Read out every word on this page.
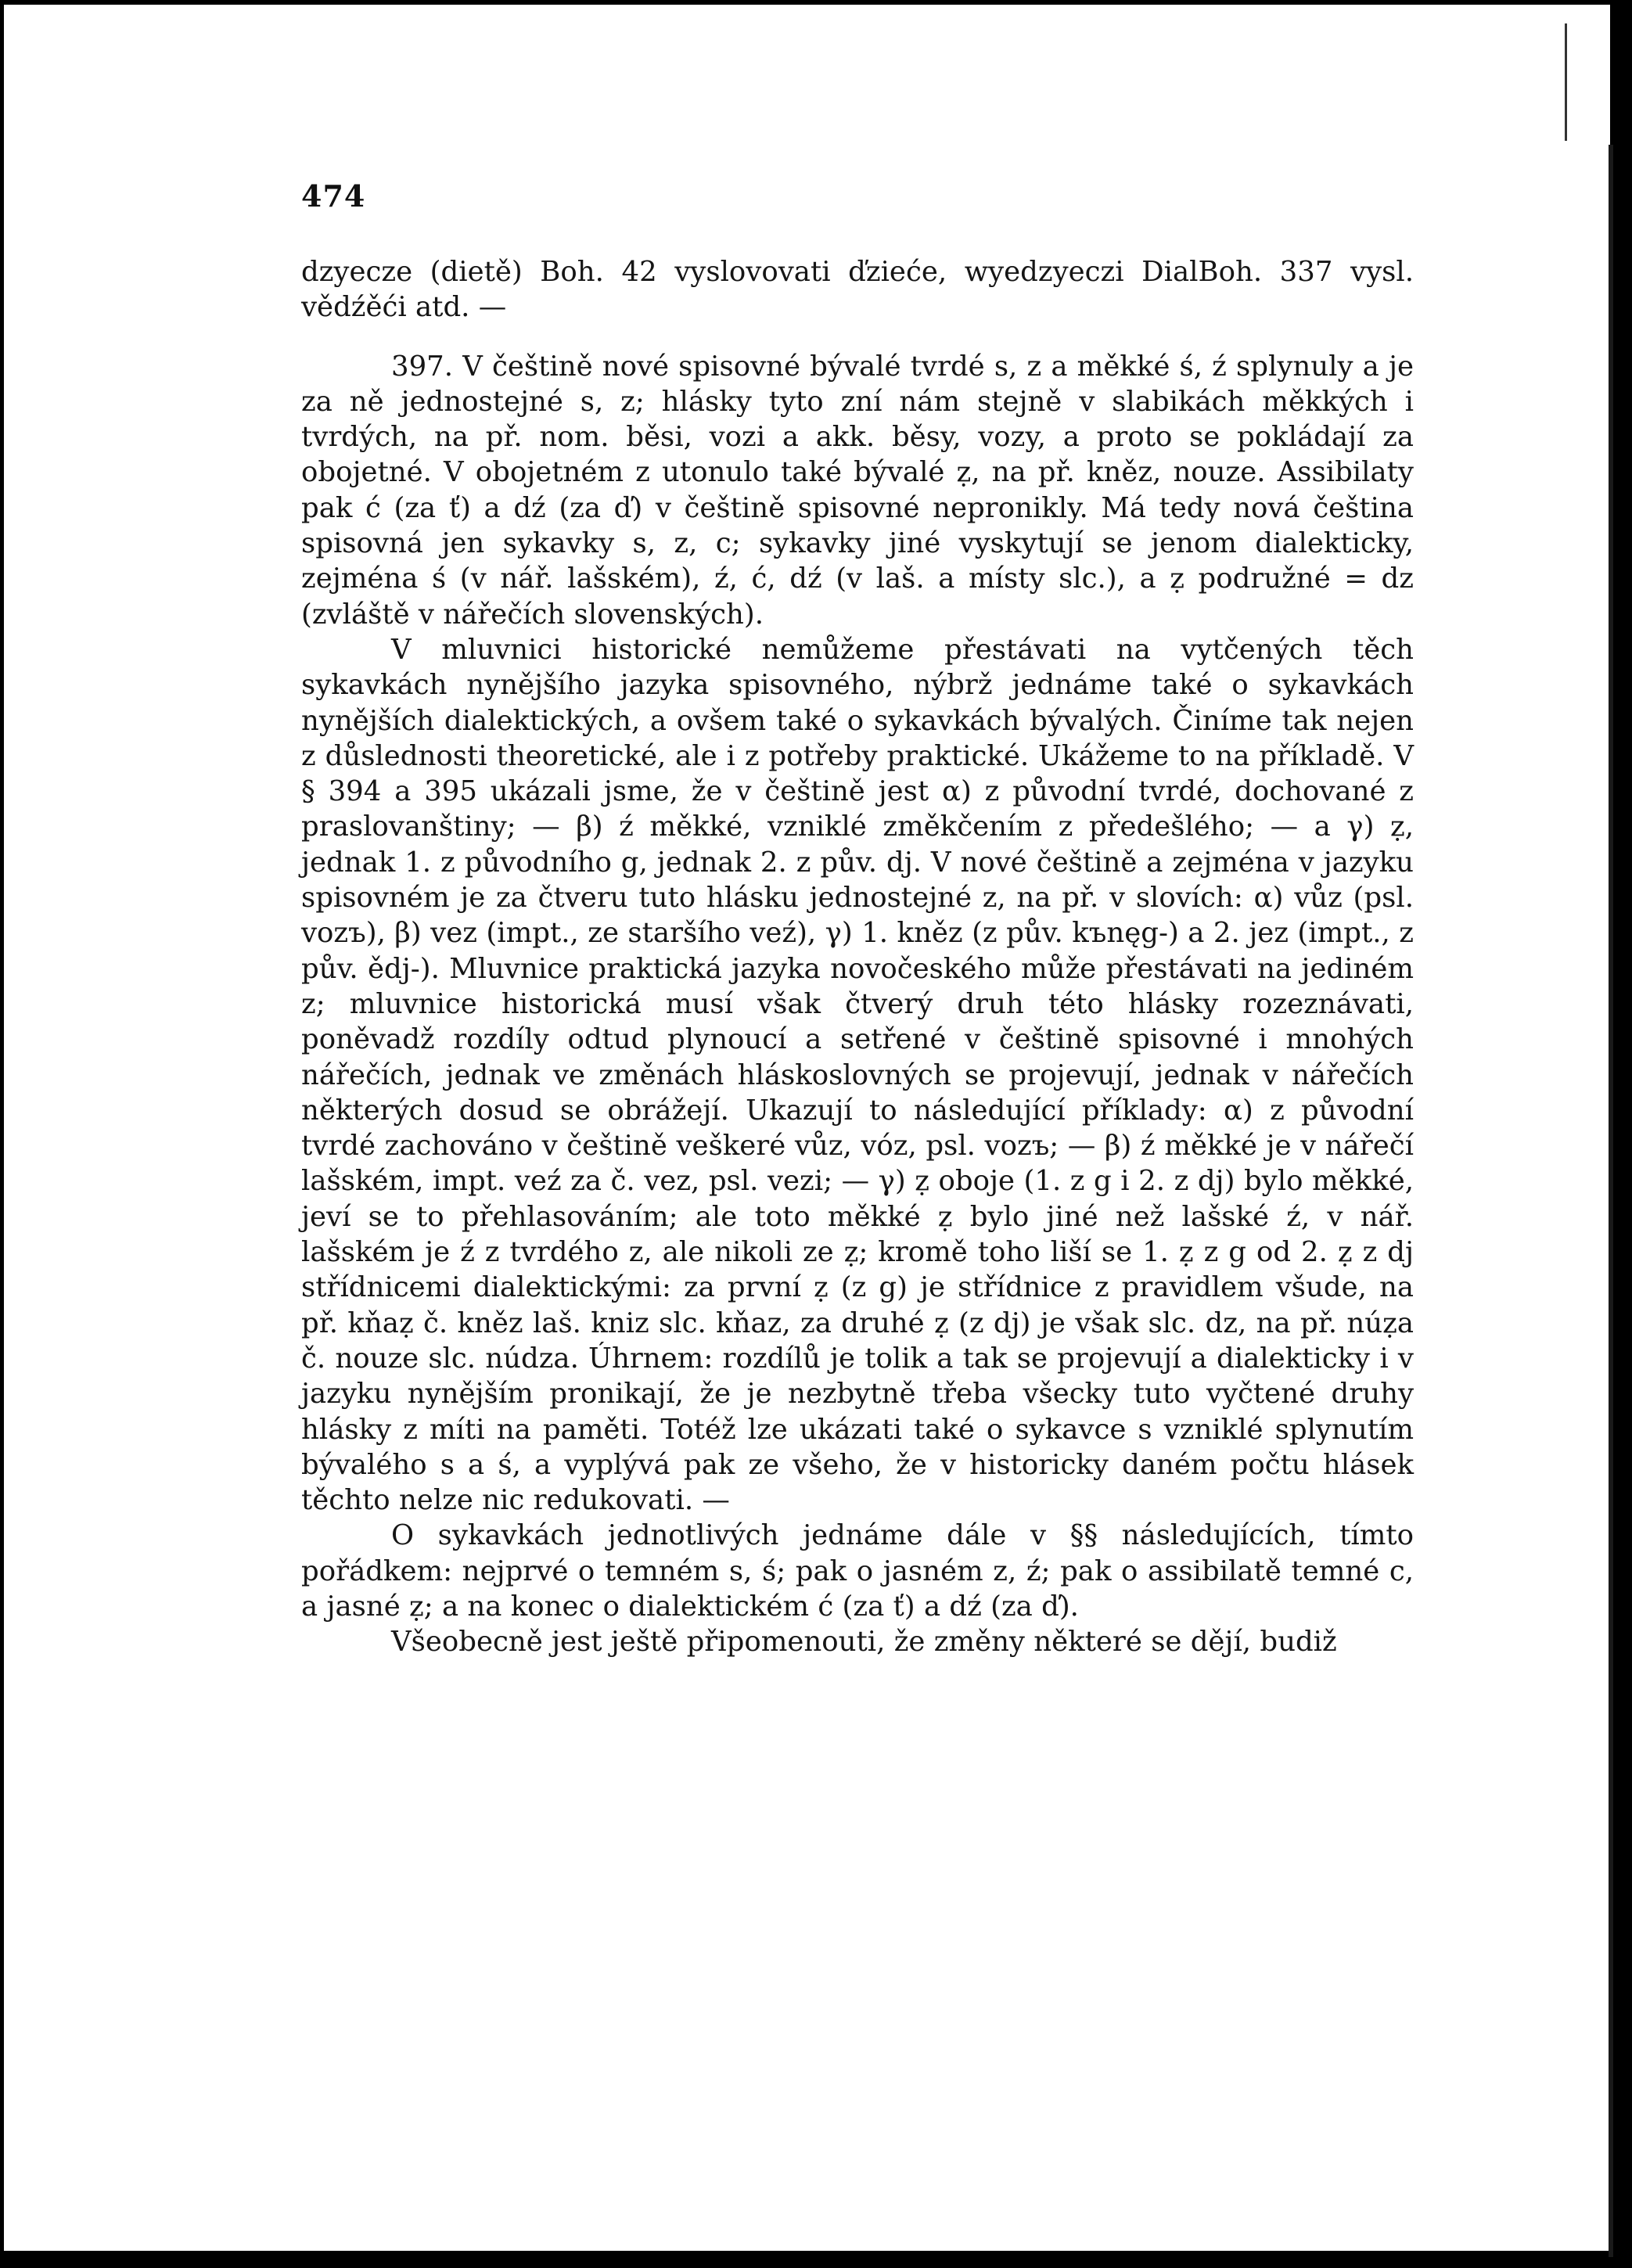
474

dzyecze (dietě) Boh. 42 vyslovovati ďzieće, wyedzyeczi DialBoh. 337 vysl. vědźěći atd. —

397. V češtině nové spisovné bývalé tvrdé s, z a měkké ś, ź splynuly a je za ně jednostejné s, z; hlásky tyto zní nám stejně v slabikách měkkých i tvrdých, na př. nom. běsi, vozi a akk. běsy, vozy, a proto se pokládají za obojetné. V obojetném z utonulo také bývalé ẓ, na př. kněz, nouze. Assibilaty pak ć (za ť) a dź (za ď) v češtině spisovné nepronikly. Má tedy nová čeština spisovná jen sykavky s, z, c; sykavky jiné vyskytují se jenom dialekticky, zejména ś (v nář. lašském), ź, ć, dź (v laš. a místy slc.), a ẓ podružné = dz (zvláště v nářečích slovenských).

V mluvnici historické nemůžeme přestávati na vytčených těch sykavkách nynějšího jazyka spisovného, nýbrž jednáme také o sykavkách nynějších dialektických, a ovšem také o sykavkách bývalých. Činíme tak nejen z důslednosti theoretické, ale i z potřeby praktické. Ukážeme to na příkladě. V § 394 a 395 ukázali jsme, že v češtině jest α) z původní tvrdé, dochované z praslovanštiny; — β) ź měkké, vzniklé změkčením z předešlého; — a γ) ẓ, jednak 1. z původního g, jednak 2. z pův. dj. V nové češtině a zejména v jazyku spisovném je za čtveru tuto hlásku jednostejné z, na př. v slovích: α) vůz (psl. vozъ), β) vez (impt., ze staršího veź), γ) 1. kněz (z pův. kъnęg-) a 2. jez (impt., z pův. ědj-). Mluvnice praktická jazyka novočeského může přestávati na jediném z; mluvnice historická musí však čtverý druh této hlásky rozeznávati, poněvadž rozdíly odtud plynoucí a setřené v češtině spisovné i mnohých nářečích, jednak ve změnách hláskoslovných se projevují, jednak v nářečích některých dosud se obrážejí. Ukazují to následující příklady: α) z původní tvrdé zachováno v češtině veškeré vůz, vóz, psl. vozъ; — β) ź měkké je v nářečí lašském, impt. veź za č. vez, psl. vezi; — γ) ẓ oboje (1. z g i 2. z dj) bylo měkké, jeví se to přehlasováním; ale toto měkké ẓ bylo jiné než lašské ź, v nář. lašském je ź z tvrdého z, ale nikoli ze ẓ; kromě toho liší se 1. ẓ z g od 2. ẓ z dj střídnicemi dialektickými: za první ẓ (z g) je střídnice z pravidlem všude, na př. kňaẓ č. kněz laš. kniz slc. kňaz, za druhé ẓ (z dj) je však slc. dz, na př. núẓa č. nouze slc. núdza. Úhrnem: rozdílů je tolik a tak se projevují a dialekticky i v jazyku nynějším pronikají, že je nezbytně třeba všecky tuto vyčtené druhy hlásky z míti na paměti. Totéž lze ukázati také o sykavce s vzniklé splynutím bývalého s a ś, a vyplývá pak ze všeho, že v historicky daném počtu hlásek těchto nelze nic redukovati. —

O sykavkách jednotlivých jednáme dále v §§ následujících, tímto pořádkem: nejprvé o temném s, ś; pak o jasném z, ź; pak o assibilatě temné c, a jasné ẓ; a na konec o dialektickém ć (za ť) a dź (za ď).

Všeobecně jest ještě připomenouti, že změny některé se dějí, budiž
